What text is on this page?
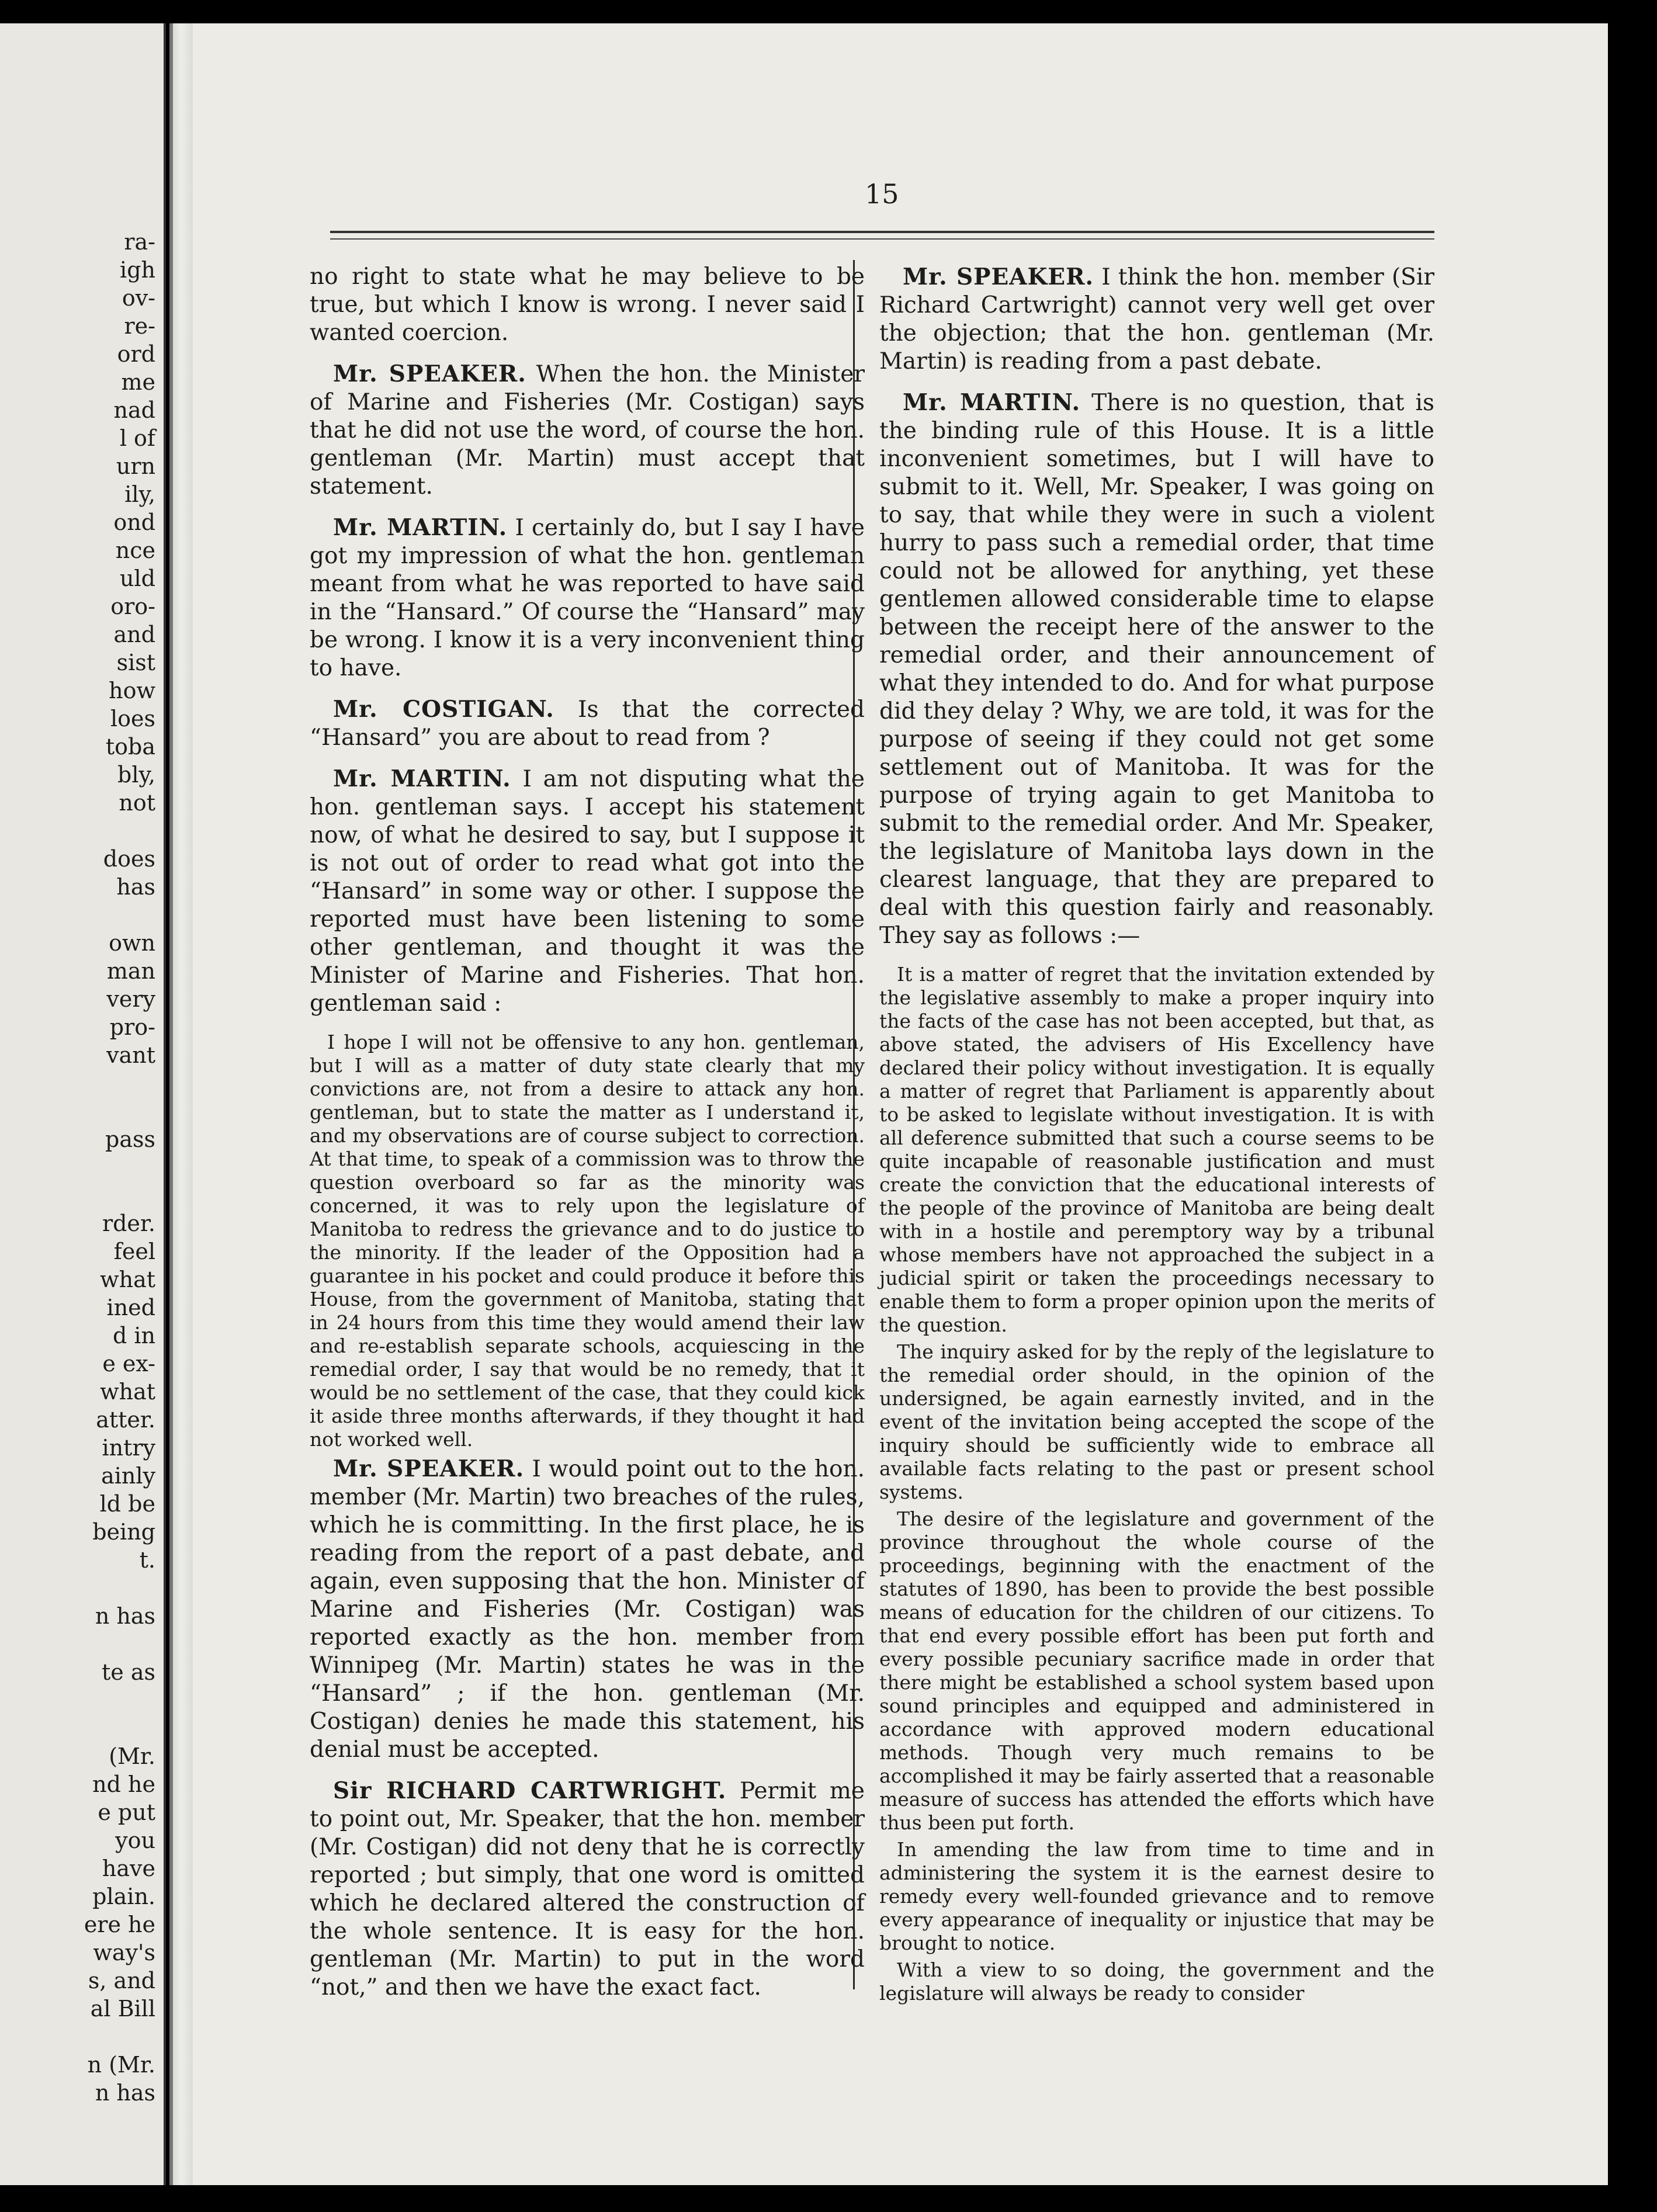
ra-
igh
ov-
re-
ord
me
nad
l of
urn
ily,
ond
nce
uld
oro-
and
sist
how
loes
toba
bly,
not
does
has
own
man
very
pro-
vant
pass
rder.
feel
what
ined
d in
e ex-
what
atter.
intry
ainly
ld be
being
t.
n has
te as
(Mr.
nd he
e put
you
have
plain.
ere he
way's
s, and
al Bill
n (Mr.
n has
15

no right to state what he may believe to be true, but which I know is wrong. I never said I wanted coercion.

Mr. SPEAKER. When the hon. the Minister of Marine and Fisheries (Mr. Costigan) says that he did not use the word, of course the hon. gentleman (Mr. Martin) must accept that statement.

Mr. MARTIN. I certainly do, but I say I have got my impression of what the hon. gentleman meant from what he was reported to have said in the “Hansard.” Of course the “Hansard” may be wrong. I know it is a very inconvenient thing to have.

Mr. COSTIGAN. Is that the corrected “Hansard” you are about to read from ?

Mr. MARTIN. I am not disputing what the hon. gentleman says. I accept his statement now, of what he desired to say, but I suppose it is not out of order to read what got into the “Hansard” in some way or other. I suppose the reported must have been listening to some other gentleman, and thought it was the Minister of Marine and Fisheries. That hon. gentleman said :

I hope I will not be offensive to any hon. gentleman, but I will as a matter of duty state clearly that my convictions are, not from a desire to attack any hon. gentleman, but to state the matter as I understand it, and my observations are of course subject to correction. At that time, to speak of a commission was to throw the question overboard so far as the minority was concerned, it was to rely upon the legislature of Manitoba to redress the grievance and to do justice to the minority. If the leader of the Opposition had a guarantee in his pocket and could produce it before this House, from the government of Manitoba, stating that in 24 hours from this time they would amend their law and re-establish separate schools, acquiescing in the remedial order, I say that would be no remedy, that it would be no settlement of the case, that they could kick it aside three months afterwards, if they thought it had not worked well.

Mr. SPEAKER. I would point out to the hon. member (Mr. Martin) two breaches of the rules, which he is committing. In the first place, he is reading from the report of a past debate, and again, even supposing that the hon. Minister of Marine and Fisheries (Mr. Costigan) was reported exactly as the hon. member from Winnipeg (Mr. Martin) states he was in the “Hansard” ; if the hon. gentleman (Mr. Costigan) denies he made this statement, his denial must be accepted.

Sir RICHARD CARTWRIGHT. Permit me to point out, Mr. Speaker, that the hon. member (Mr. Costigan) did not deny that he is correctly reported ; but simply, that one word is omitted which he declared altered the construction of the whole sentence. It is easy for the hon. gentleman (Mr. Martin) to put in the word “not,” and then we have the exact fact.

Mr. SPEAKER. I think the hon. member (Sir Richard Cartwright) cannot very well get over the objection; that the hon. gentleman (Mr. Martin) is reading from a past debate.

Mr. MARTIN. There is no question, that is the binding rule of this House. It is a little inconvenient sometimes, but I will have to submit to it. Well, Mr. Speaker, I was going on to say, that while they were in such a violent hurry to pass such a remedial order, that time could not be allowed for anything, yet these gentlemen allowed considerable time to elapse between the receipt here of the answer to the remedial order, and their announcement of what they intended to do. And for what purpose did they delay ? Why, we are told, it was for the purpose of seeing if they could not get some settlement out of Manitoba. It was for the purpose of trying again to get Manitoba to submit to the remedial order. And Mr. Speaker, the legislature of Manitoba lays down in the clearest language, that they are prepared to deal with this question fairly and reasonably. They say as follows :—

It is a matter of regret that the invitation extended by the legislative assembly to make a proper inquiry into the facts of the case has not been accepted, but that, as above stated, the advisers of His Excellency have declared their policy without investigation. It is equally a matter of regret that Parliament is apparently about to be asked to legislate without investigation. It is with all deference submitted that such a course seems to be quite incapable of reasonable justification and must create the conviction that the educational interests of the people of the province of Manitoba are being dealt with in a hostile and peremptory way by a tribunal whose members have not approached the subject in a judicial spirit or taken the proceedings necessary to enable them to form a proper opinion upon the merits of the question.

The inquiry asked for by the reply of the legislature to the remedial order should, in the opinion of the undersigned, be again earnestly invited, and in the event of the invitation being accepted the scope of the inquiry should be sufficiently wide to embrace all available facts relating to the past or present school systems.

The desire of the legislature and government of the province throughout the whole course of the proceedings, beginning with the enactment of the statutes of 1890, has been to provide the best possible means of education for the children of our citizens. To that end every possible effort has been put forth and every possible pecuniary sacrifice made in order that there might be established a school system based upon sound principles and equipped and administered in accordance with approved modern educational methods. Though very much remains to be accomplished it may be fairly asserted that a reasonable measure of success has attended the efforts which have thus been put forth.

In amending the law from time to time and in administering the system it is the earnest desire to remedy every well-founded grievance and to remove every appearance of inequality or injustice that may be brought to notice.

With a view to so doing, the government and the legislature will always be ready to consider
